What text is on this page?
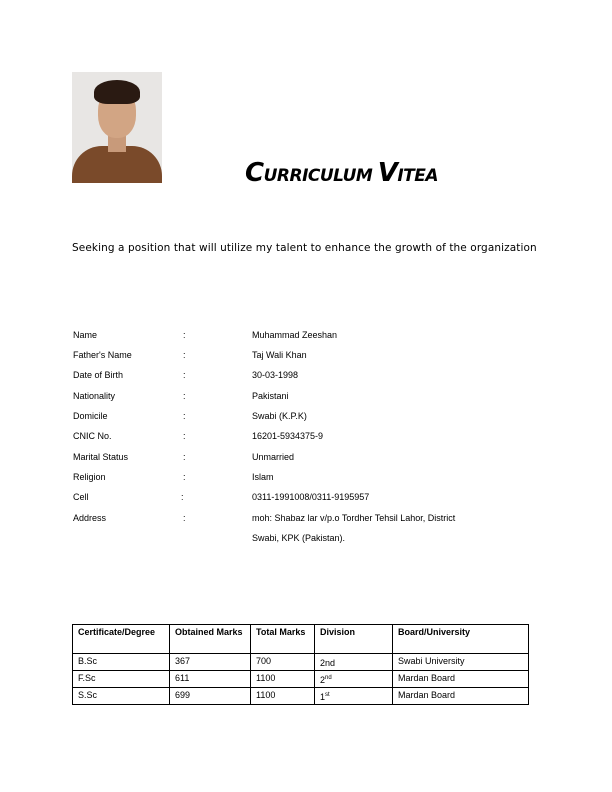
CURRICULUM VITEA
Seeking a position that will utilize my talent to enhance the growth of the organization
Name	:	Muhammad Zeeshan
Father's Name	:	Taj Wali Khan
Date of Birth	:	30-03-1998
Nationality	:	Pakistani
Domicile	:	Swabi (K.P.K)
CNIC No.	:	16201-5934375-9
Marital Status	:	Unmarried
Religion	:	Islam
Cell	:	0311-1991008/0311-9195957
Address	:	moh: Shabaz lar v/p.o Tordher Tehsil Lahor, District
Swabi, KPK (Pakistan).
Certificate/Degree	Obtained Marks	Total Marks	Division	Board/University
B.Sc	367	700	2nd	Swabi University
F.Sc	611	1100	2nd	Mardan Board
S.Sc	699	1100	1st	Mardan Board
